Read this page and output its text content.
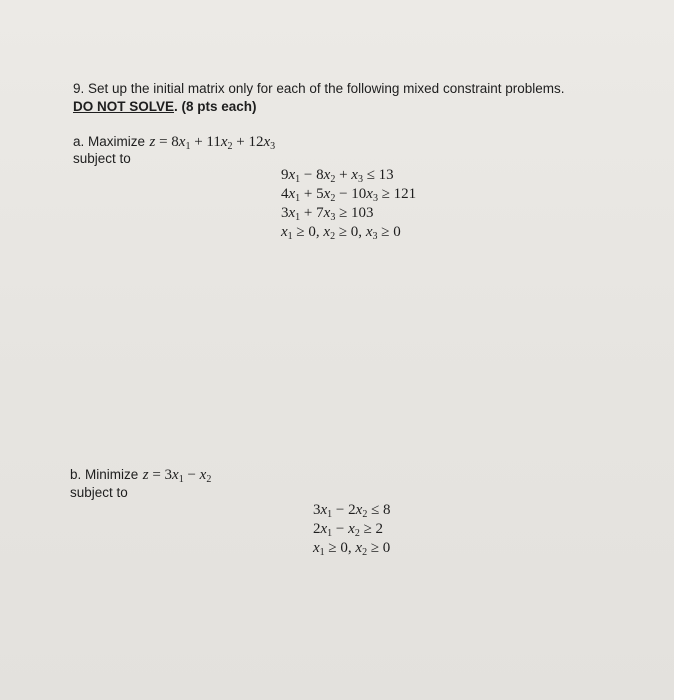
9. Set up the initial matrix only for each of the following mixed constraint problems.
DO NOT SOLVE. (8 pts each)
a. Maximize $z = 8x_1 + 11x_2 + 12x_3$
subject to
$9x_1 - 8x_2 + x_3 \le 13$
$4x_1 + 5x_2 - 10x_3 \ge 121$
$3x_1 + 7x_3 \ge 103$
$x_1 \ge 0$, $x_2 \ge 0$, $x_3 \ge 0$
b. Minimize $z = 3x_1 - x_2$
subject to
$3x_1 - 2x_2 \le 8$
$2x_1 - x_2 \ge 2$
$x_1 \ge 0$, $x_2 \ge 0$
